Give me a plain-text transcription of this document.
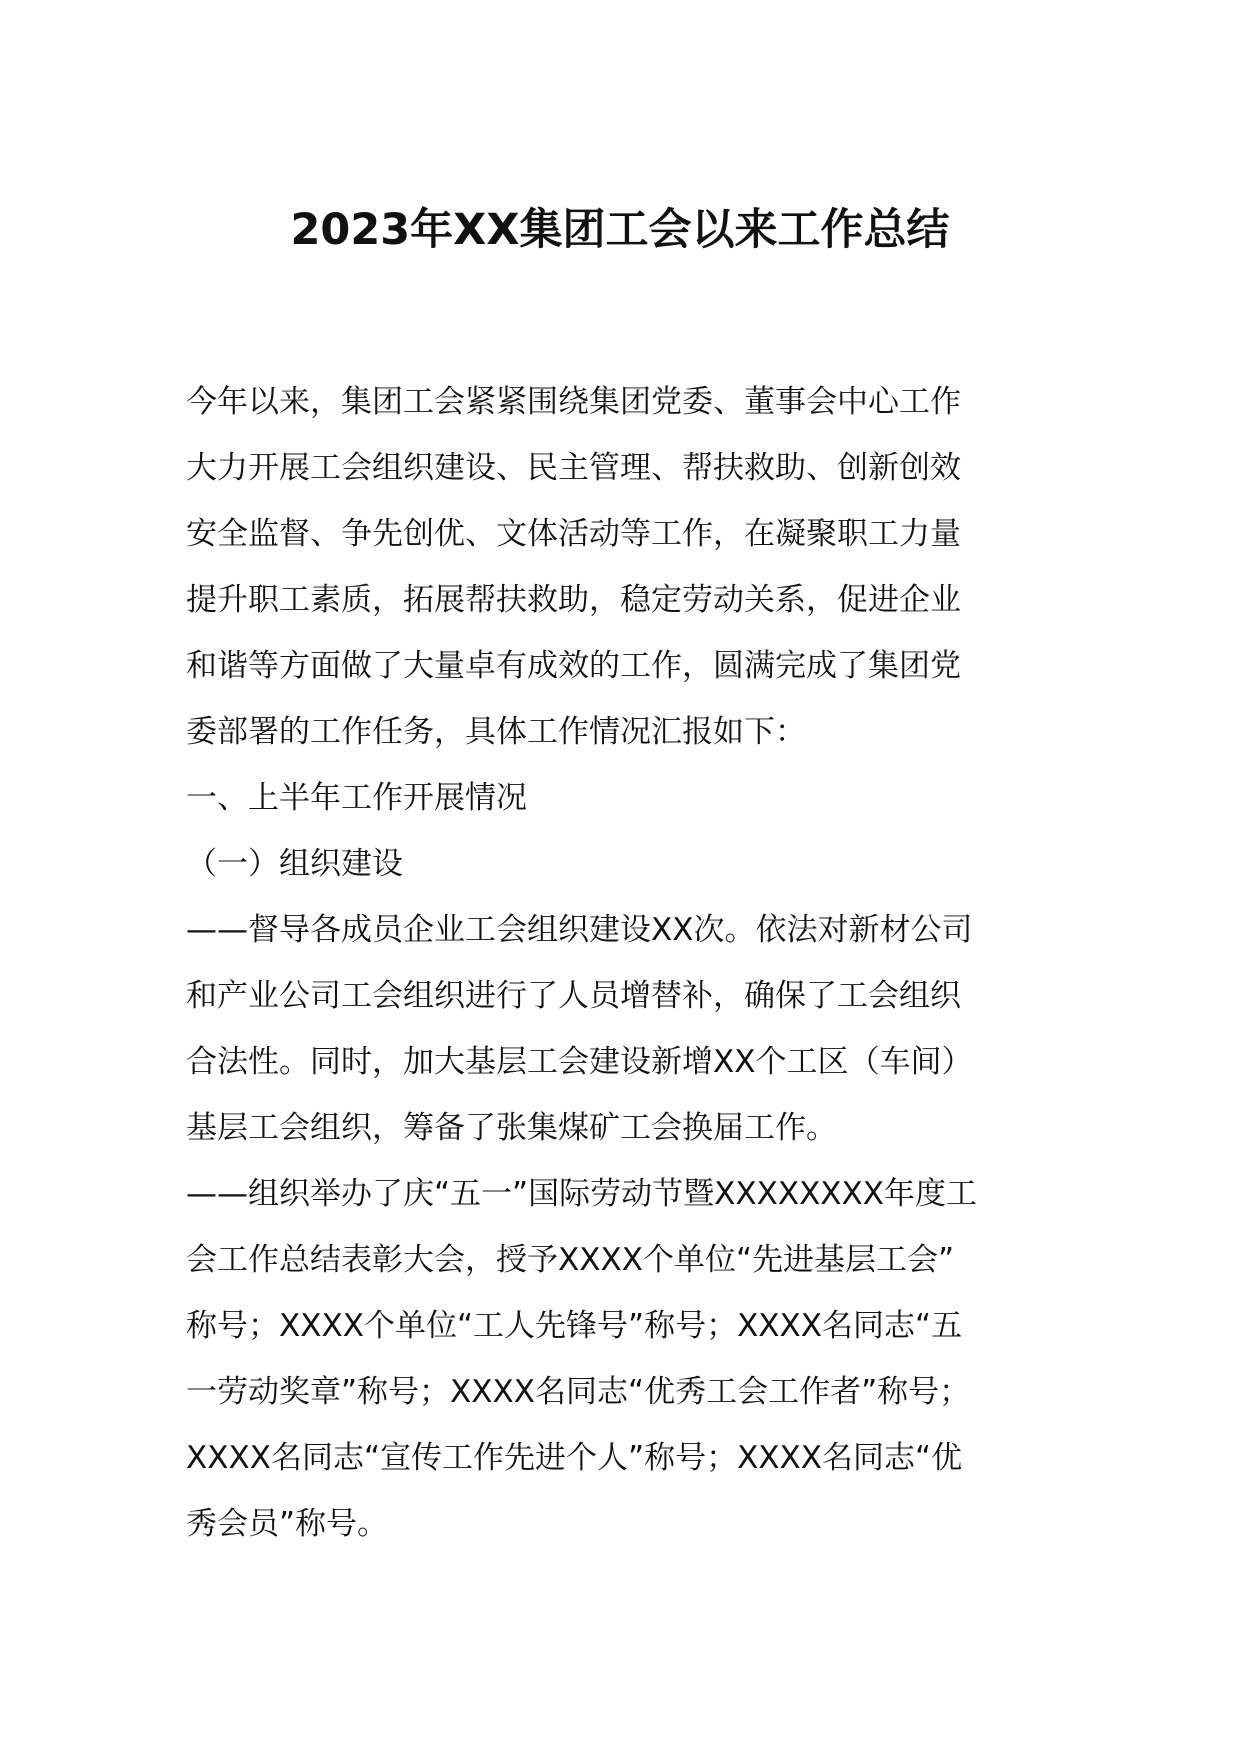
2023年XX集团工会以来工作总结

今年以来，集团工会紧紧围绕集团党委、董事会中心工作

大力开展工会组织建设、民主管理、帮扶救助、创新创效

安全监督、争先创优、文体活动等工作，在凝聚职工力量

提升职工素质，拓展帮扶救助，稳定劳动关系，促进企业

和谐等方面做了大量卓有成效的工作，圆满完成了集团党

委部署的工作任务，具体工作情况汇报如下：

一、上半年工作开展情况

（一）组织建设

——督导各成员企业工会组织建设XX次。依法对新材公司

和产业公司工会组织进行了人员增替补，确保了工会组织

合法性。同时，加大基层工会建设新增XX个工区（车间）

基层工会组织，筹备了张集煤矿工会换届工作。

——组织举办了庆“五一”国际劳动节暨XXXXXXXX年度工

会工作总结表彰大会，授予XXXX个单位“先进基层工会”

称号；XXXX个单位“工人先锋号”称号；XXXX名同志“五

一劳动奖章”称号；XXXX名同志“优秀工会工作者”称号；

XXXX名同志“宣传工作先进个人”称号；XXXX名同志“优

秀会员”称号。
